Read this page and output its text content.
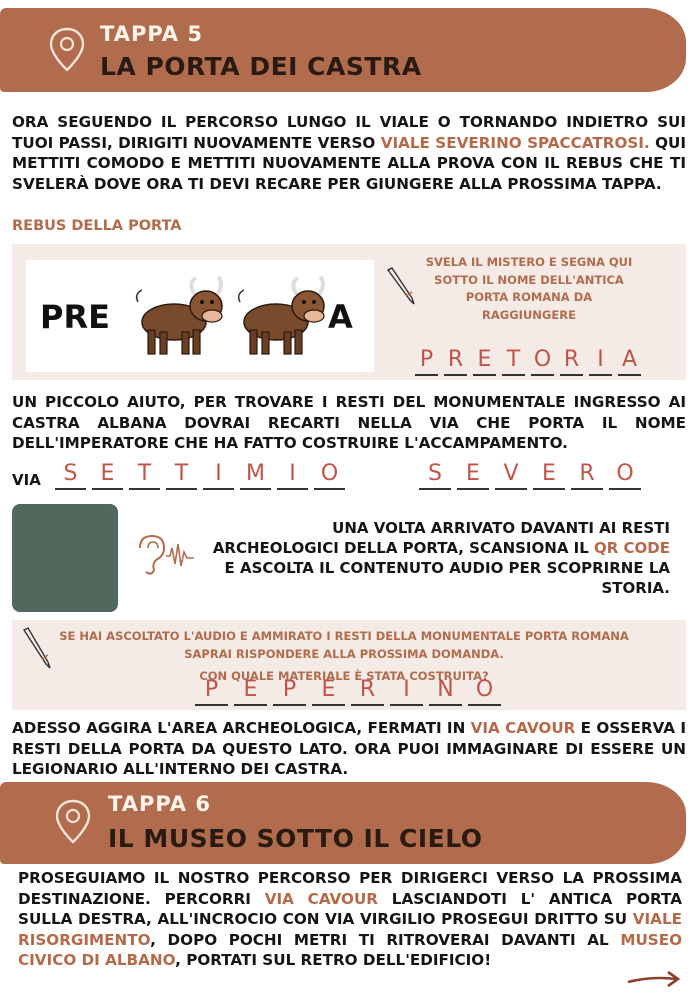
TAPPA 5
LA PORTA DEI CASTRA
ORA SEGUENDO IL PERCORSO LUNGO IL VIALE O TORNANDO INDIETRO SUI TUOI PASSI, DIRIGITI NUOVAMENTE VERSO VIALE SEVERINO SPACCATROSI. QUI METTITI COMODO E METTITI NUOVAMENTE ALLA PROVA CON IL REBUS CHE TI SVELERÀ DOVE ORA TI DEVI RECARE PER GIUNGERE ALLA PROSSIMA TAPPA.
REBUS DELLA PORTA
PRE	A
SVELA IL MISTERO E SEGNA QUI SOTTO IL NOME DELL'ANTICA PORTA ROMANA DA RAGGIUNGERE
P R E T O R I A
UN PICCOLO AIUTO, PER TROVARE I RESTI DEL MONUMENTALE INGRESSO AI CASTRA ALBANA DOVRAI RECARTI NELLA VIA CHE PORTA IL NOME DELL'IMPERATORE CHE HA FATTO COSTRUIRE L'ACCAMPAMENTO.
VIA	S	E	T	T	I	M	I	O	S	E	V	E	R O
UNA VOLTA ARRIVATO DAVANTI AI RESTI ARCHEOLOGICI DELLA PORTA, SCANSIONA IL QR CODE E ASCOLTA IL CONTENUTO AUDIO PER SCOPRIRNE LA STORIA.
SE HAI ASCOLTATO L'AUDIO E AMMIRATO I RESTI DELLA MONUMENTALE PORTA ROMANA
SAPRAI RISPONDERE ALLA PROSSIMA DOMANDA.
CON QUALE MATERIALE È STATA COSTRUITA?
P	E	P	E	R	I	N	O
ADESSO AGGIRA L'AREA ARCHEOLOGICA, FERMATI IN VIA CAVOUR E OSSERVA I RESTI DELLA PORTA DA QUESTO LATO. ORA PUOI IMMAGINARE DI ESSERE UN LEGIONARIO ALL'INTERNO DEI CASTRA.
TAPPA 6
IL MUSEO SOTTO IL CIELO
PROSEGUIAMO IL NOSTRO PERCORSO PER DIRIGERCI VERSO LA PROSSIMA DESTINAZIONE. PERCORRI VIA CAVOUR LASCIANDOTI L' ANTICA PORTA SULLA DESTRA, ALL'INCROCIO CON VIA VIRGILIO PROSEGUI DRITTO SU VIALE RISORGIMENTO, DOPO POCHI METRI TI RITROVERAI DAVANTI AL MUSEO CIVICO DI ALBANO, PORTATI SUL RETRO DELL'EDIFICIO!
